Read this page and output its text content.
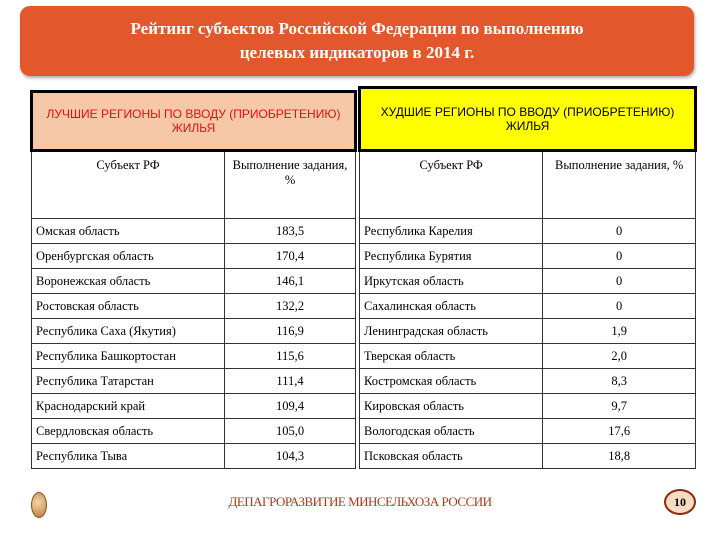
Рейтинг субъектов Российской Федерации по выполнению
целевых индикаторов в 2014 г.
ЛУЧШИЕ РЕГИОНЫ ПО ВВОДУ (ПРИОБРЕТЕНИЮ) ЖИЛЬЯ	
Субъект РФ	Выполнение задания, %
Омская область	183,5
Оренбургская область	170,4
Воронежская область	146,1
Ростовская область	132,2
Республика Саха (Якутия)	116,9
Республика Башкортостан	115,6
Республика Татарстан	111,4
Краснодарский край	109,4
Свердловская область	105,0
Республика Тыва	104,3
ХУДШИЕ РЕГИОНЫ ПО ВВОДУ (ПРИОБРЕТЕНИЮ) ЖИЛЬЯ	
Субъект РФ	Выполнение задания, %
Республика Карелия	0
Республика Бурятия	0
Иркутская область	0
Сахалинская область	0
Ленинградская область	1,9
Тверская область	2,0
Костромская область	8,3
Кировская область	9,7
Вологодская область	17,6
Псковская область	18,8
ДЕПАГРОРАЗВИТИЕ МИНСЕЛЬХОЗА РОССИИ	10
